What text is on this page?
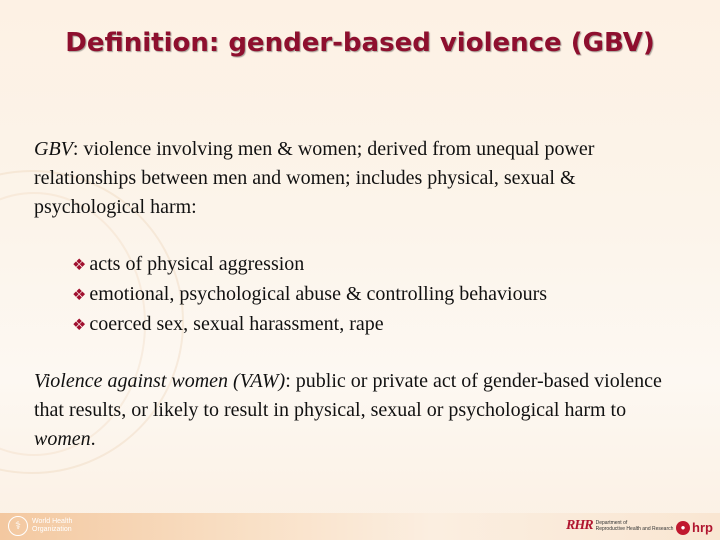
Definition: gender-based violence (GBV)
GBV: violence involving men & women; derived from unequal power relationships between men and women; includes physical, sexual & psychological harm:
❖ acts of physical aggression
❖ emotional, psychological abuse & controlling behaviours
❖ coerced sex, sexual harassment, rape
Violence against women (VAW): public or private act of gender-based violence that results, or likely to result in physical, sexual or psychological harm to women.
⚕	World Health
Organization	RHR Department of
Reproductive Health and Research ● hrp
